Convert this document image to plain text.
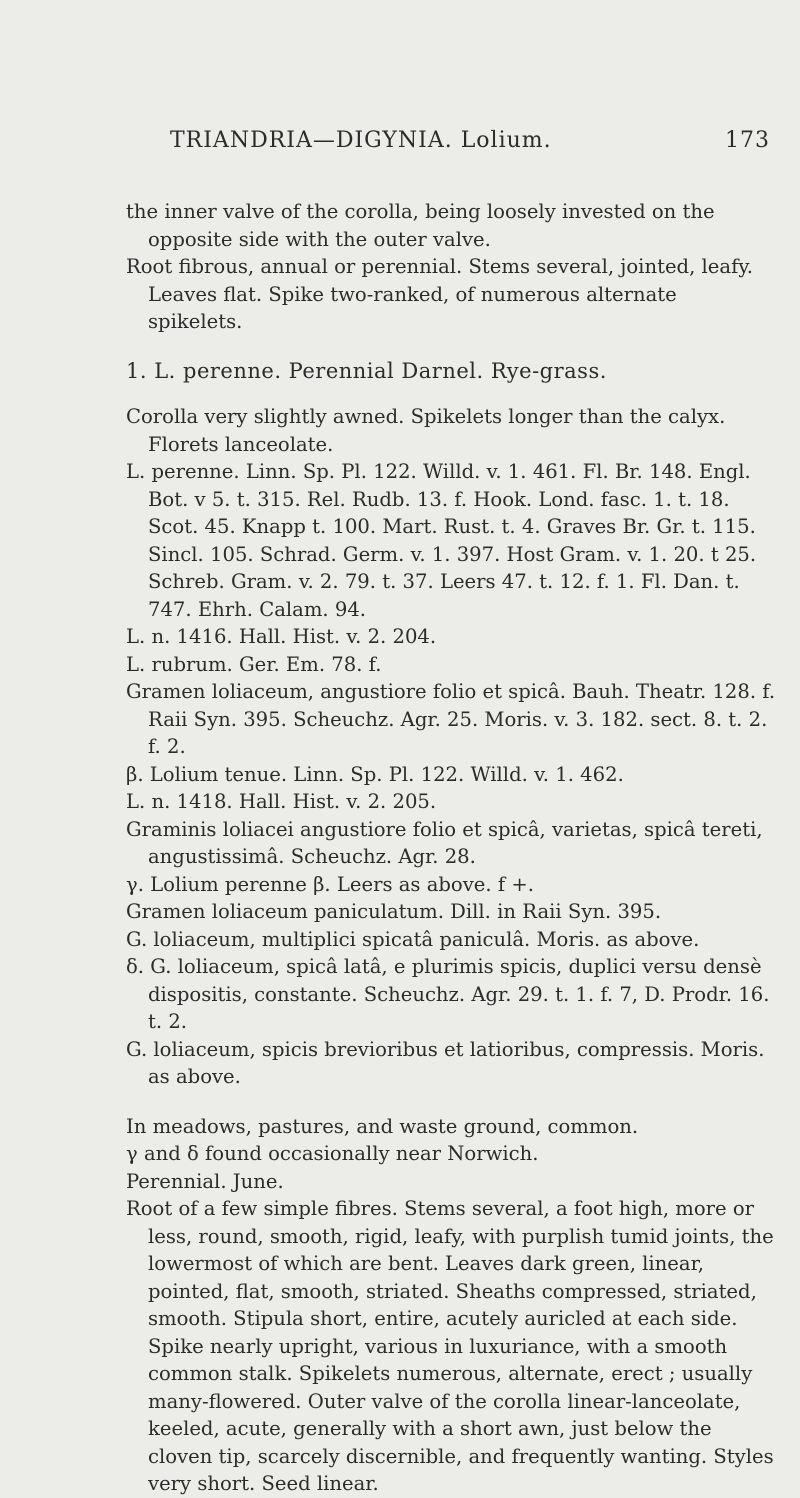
TRIANDRIA—DIGYNIA. Lolium.	173

the inner valve of the corolla, being loosely invested on the opposite side with the outer valve.

Root fibrous, annual or perennial. Stems several, jointed, leafy. Leaves flat. Spike two-ranked, of numerous alternate spikelets.

1. L. perenne. Perennial Darnel. Rye-grass.

Corolla very slightly awned. Spikelets longer than the calyx. Florets lanceolate.

L. perenne. Linn. Sp. Pl. 122. Willd. v. 1. 461. Fl. Br. 148. Engl. Bot. v 5. t. 315. Rel. Rudb. 13. f. Hook. Lond. fasc. 1. t. 18. Scot. 45. Knapp t. 100. Mart. Rust. t. 4. Graves Br. Gr. t. 115. Sincl. 105. Schrad. Germ. v. 1. 397. Host Gram. v. 1. 20. t 25. Schreb. Gram. v. 2. 79. t. 37. Leers 47. t. 12. f. 1. Fl. Dan. t. 747. Ehrh. Calam. 94.

L. n. 1416. Hall. Hist. v. 2. 204.

L. rubrum. Ger. Em. 78. f.

Gramen loliaceum, angustiore folio et spicâ. Bauh. Theatr. 128. f. Raii Syn. 395. Scheuchz. Agr. 25. Moris. v. 3. 182. sect. 8. t. 2. f. 2.

β. Lolium tenue. Linn. Sp. Pl. 122. Willd. v. 1. 462.

L. n. 1418. Hall. Hist. v. 2. 205.

Graminis loliacei angustiore folio et spicâ, varietas, spicâ tereti, angustissimâ. Scheuchz. Agr. 28.

γ. Lolium perenne β. Leers as above. f +.

Gramen loliaceum paniculatum. Dill. in Raii Syn. 395.

G. loliaceum, multiplici spicatâ paniculâ. Moris. as above.

δ. G. loliaceum, spicâ latâ, e plurimis spicis, duplici versu densè dispositis, constante. Scheuchz. Agr. 29. t. 1. f. 7, D. Prodr. 16. t. 2.

G. loliaceum, spicis brevioribus et latioribus, compressis. Moris. as above.

In meadows, pastures, and waste ground, common.

γ and δ found occasionally near Norwich.

Perennial. June.

Root of a few simple fibres. Stems several, a foot high, more or less, round, smooth, rigid, leafy, with purplish tumid joints, the lowermost of which are bent. Leaves dark green, linear, pointed, flat, smooth, striated. Sheaths compressed, striated, smooth. Stipula short, entire, acutely auricled at each side. Spike nearly upright, various in luxuriance, with a smooth common stalk. Spikelets numerous, alternate, erect ; usually many-flowered. Outer valve of the corolla linear-lanceolate, keeled, acute, generally with a short awn, just below the cloven tip, scarcely discernible, and frequently wanting. Styles very short. Seed linear.
